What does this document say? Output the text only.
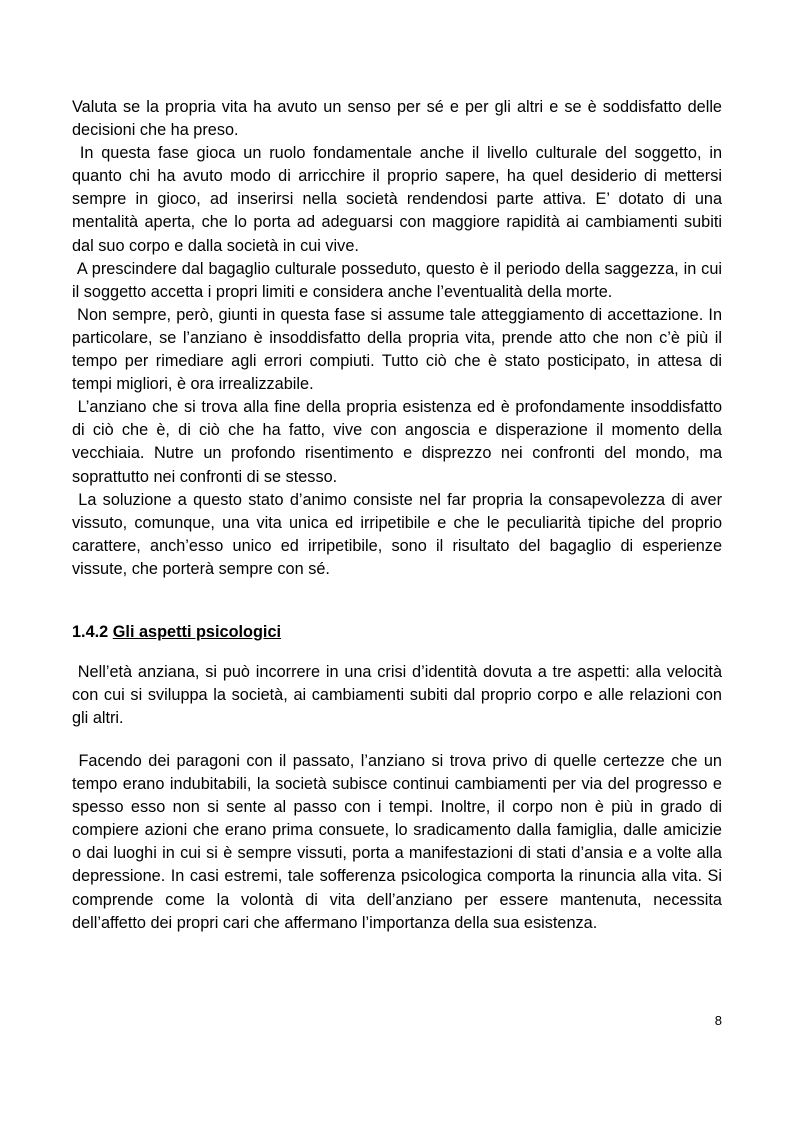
Valuta se la propria vita ha avuto un senso per sé e per gli altri e se è soddisfatto delle decisioni che ha preso.

In questa fase gioca un ruolo fondamentale anche il livello culturale del soggetto, in quanto chi ha avuto modo di arricchire il proprio sapere, ha quel desiderio di mettersi sempre in gioco, ad inserirsi nella società rendendosi parte attiva. E’ dotato di una mentalità aperta, che lo porta ad adeguarsi con maggiore rapidità ai cambiamenti subiti dal suo corpo e dalla società in cui vive.

A prescindere dal bagaglio culturale posseduto, questo è il periodo della saggezza, in cui il soggetto accetta i propri limiti e considera anche l’eventualità della morte.

Non sempre, però, giunti in questa fase si assume tale atteggiamento di accettazione. In particolare, se l’anziano è insoddisfatto della propria vita, prende atto che non c’è più il tempo per rimediare agli errori compiuti. Tutto ciò che è stato posticipato, in attesa di tempi migliori, è ora irrealizzabile.

L’anziano che si trova alla fine della propria esistenza ed è profondamente insoddisfatto di ciò che è, di ciò che ha fatto, vive con angoscia e disperazione il momento della vecchiaia. Nutre un profondo risentimento e disprezzo nei confronti del mondo, ma soprattutto nei confronti di se stesso.

La soluzione a questo stato d’animo consiste nel far propria la consapevolezza di aver vissuto, comunque, una vita unica ed irripetibile e che le peculiarità tipiche del proprio carattere, anch’esso unico ed irripetibile, sono il risultato del bagaglio di esperienze vissute, che porterà sempre con sé.

1.4.2 Gli aspetti psicologici

Nell’età anziana, si può incorrere in una crisi d’identità dovuta a tre aspetti: alla velocità con cui si sviluppa la società, ai cambiamenti subiti dal proprio corpo e alle relazioni con gli altri.

Facendo dei paragoni con il passato, l’anziano si trova privo di quelle certezze che un tempo erano indubitabili, la società subisce continui cambiamenti per via del progresso e spesso esso non si sente al passo con i tempi. Inoltre, il corpo non è più in grado di compiere azioni che erano prima consuete, lo sradicamento dalla famiglia, dalle amicizie o dai luoghi in cui si è sempre vissuti, porta a manifestazioni di stati d’ansia e a volte alla depressione. In casi estremi, tale sofferenza psicologica comporta la rinuncia alla vita. Si comprende come la volontà di vita dell’anziano per essere mantenuta, necessita dell’affetto dei propri cari che affermano l’importanza della sua esistenza.

8
